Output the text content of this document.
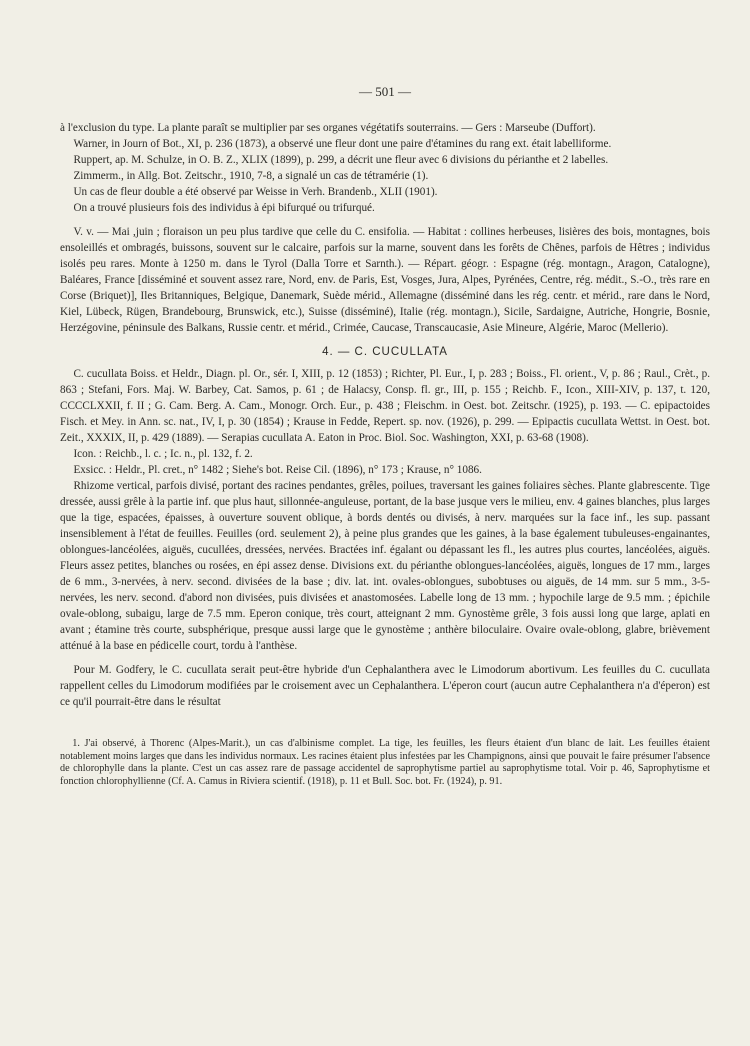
— 501 —

à l'exclusion du type. La plante paraît se multiplier par ses organes végétatifs souterrains. — Gers : Marseube (Duffort).

Warner, in Journ of Bot., XI, p. 236 (1873), a observé une fleur dont une paire d'étamines du rang ext. était labelliforme.

Ruppert, ap. M. Schulze, in O. B. Z., XLIX (1899), p. 299, a décrit une fleur avec 6 divisions du périanthe et 2 labelles.

Zimmerm., in Allg. Bot. Zeitschr., 1910, 7-8, a signalé un cas de tétramérie (1).

Un cas de fleur double a été observé par Weisse in Verh. Brandenb., XLII (1901).

On a trouvé plusieurs fois des individus à épi bifurqué ou trifurqué.

V. v. — Mai ,juin ; floraison un peu plus tardive que celle du C. ensifolia. — Habitat : collines herbeuses, lisières des bois, montagnes, bois ensoleillés et ombragés, buissons, souvent sur le calcaire, parfois sur la marne, souvent dans les forêts de Chênes, parfois de Hêtres ; individus isolés peu rares. Monte à 1250 m. dans le Tyrol (Dalla Torre et Sarnth.). — Répart. géogr. : Espagne (rég. montagn., Aragon, Catalogne), Baléares, France [disséminé et souvent assez rare, Nord, env. de Paris, Est, Vosges, Jura, Alpes, Pyrénées, Centre, rég. médit., S.-O., très rare en Corse (Briquet)], Iles Britanniques, Belgique, Danemark, Suède mérid., Allemagne (disséminé dans les rég. centr. et mérid., rare dans le Nord, Kiel, Lübeck, Rügen, Brandebourg, Brunswick, etc.), Suisse (disséminé), Italie (rég. montagn.), Sicile, Sardaigne, Autriche, Hongrie, Bosnie, Herzégovine, péninsule des Balkans, Russie centr. et mérid., Crimée, Caucase, Transcaucasie, Asie Mineure, Algérie, Maroc (Mellerio).

4. — C. CUCULLATA

C. cucullata Boiss. et Heldr., Diagn. pl. Or., sér. I, XIII, p. 12 (1853) ; Richter, Pl. Eur., I, p. 283 ; Boiss., Fl. orient., V, p. 86 ; Raul., Crèt., p. 863 ; Stefani, Fors. Maj. W. Barbey, Cat. Samos, p. 61 ; de Halacsy, Consp. fl. gr., III, p. 155 ; Reichb. F., Icon., XIII-XIV, p. 137, t. 120, CCCCLXXII, f. II ; G. Cam. Berg. A. Cam., Monogr. Orch. Eur., p. 438 ; Fleischm. in Oest. bot. Zeitschr. (1925), p. 193. — C. epipactoides Fisch. et Mey. in Ann. sc. nat., IV, I, p. 30 (1854) ; Krause in Fedde, Repert. sp. nov. (1926), p. 299. — Epipactis cucullata Wettst. in Oest. bot. Zeit., XXXIX, II, p. 429 (1889). — Serapias cucullata A. Eaton in Proc. Biol. Soc. Washington, XXI, p. 63-68 (1908).

Icon. : Reichb., l. c. ; Ic. n., pl. 132, f. 2.

Exsicc. : Heldr., Pl. cret., n° 1482 ; Siehe's bot. Reise Cil. (1896), n° 173 ; Krause, n° 1086.

Rhizome vertical, parfois divisé, portant des racines pendantes, grêles, poilues, traversant les gaines foliaires sèches. Plante glabrescente. Tige dressée, aussi grêle à la partie inf. que plus haut, sillonnée-anguleuse, portant, de la base jusque vers le milieu, env. 4 gaines blanches, plus larges que la tige, espacées, épaisses, à ouverture souvent oblique, à bords dentés ou divisés, à nerv. marquées sur la face inf., les sup. passant insensiblement à l'état de feuilles. Feuilles (ord. seulement 2), à peine plus grandes que les gaines, à la base également tubuleuses-engainantes, oblongues-lancéolées, aiguës, cucullées, dressées, nervées. Bractées inf. égalant ou dépassant les fl., les autres plus courtes, lancéolées, aiguës. Fleurs assez petites, blanches ou rosées, en épi assez dense. Divisions ext. du périanthe oblongues-lancéolées, aiguës, longues de 17 mm., larges de 6 mm., 3-nervées, à nerv. second. divisées de la base ; div. lat. int. ovales-oblongues, subobtuses ou aiguës, de 14 mm. sur 5 mm., 3-5-nervées, les nerv. second. d'abord non divisées, puis divisées et anastomosées. Labelle long de 13 mm. ; hypochile large de 9.5 mm. ; épichile ovale-oblong, subaigu, large de 7.5 mm. Eperon conique, très court, atteignant 2 mm. Gynostème grêle, 3 fois aussi long que large, aplati en avant ; étamine très courte, subsphérique, presque aussi large que le gynostème ; anthère biloculaire. Ovaire ovale-oblong, glabre, brièvement atténué à la base en pédicelle court, tordu à l'anthèse.

Pour M. Godfery, le C. cucullata serait peut-être hybride d'un Cephalanthera avec le Limodorum abortivum. Les feuilles du C. cucullata rappellent celles du Limodorum modifiées par le croisement avec un Cephalanthera. L'éperon court (aucun autre Cephalanthera n'a d'éperon) est ce qu'il pourrait-être dans le résultat

1. J'ai observé, à Thorenc (Alpes-Marit.), un cas d'albinisme complet. La tige, les feuilles, les fleurs étaient d'un blanc de lait. Les feuilles étaient notablement moins larges que dans les individus normaux. Les racines étaient plus infestées par les Champignons, ainsi que pouvait le faire présumer l'absence de chlorophylle dans la plante. C'est un cas assez rare de passage accidentel de saprophytisme partiel au saprophytisme total. Voir p. 46, Saprophytisme et fonction chlorophyllienne (Cf. A. Camus in Riviera scientif. (1918), p. 11 et Bull. Soc. bot. Fr. (1924), p. 91.
